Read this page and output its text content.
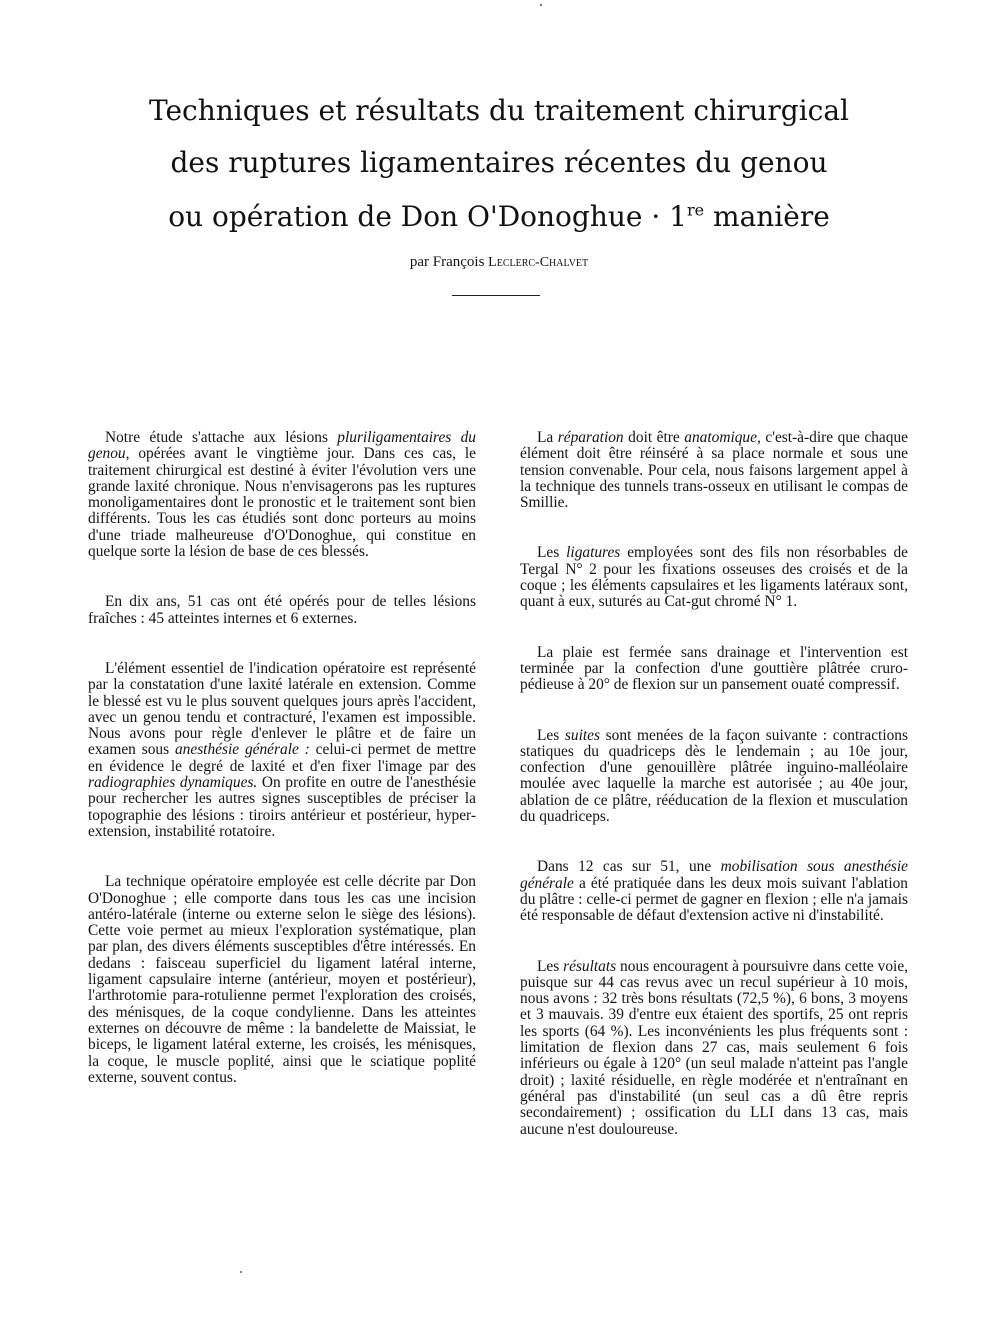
Techniques et résultats du traitement chirurgical
des ruptures ligamentaires récentes du genou
ou opération de Don O'Donoghue · 1re manière
par François Leclerc-Chalvet

Notre étude s'attache aux lésions pluriligamentaires du genou, opérées avant le vingtième jour. Dans ces cas, le traitement chirurgical est destiné à éviter l'évolution vers une grande laxité chronique. Nous n'envisagerons pas les ruptures monoligamentaires dont le pronostic et le traitement sont bien différents. Tous les cas étudiés sont donc porteurs au moins d'une triade malheureuse d'O'Donoghue, qui constitue en quelque sorte la lésion de base de ces blessés.

En dix ans, 51 cas ont été opérés pour de telles lésions fraîches : 45 atteintes internes et 6 externes.

L'élément essentiel de l'indication opératoire est représenté par la constatation d'une laxité latérale en extension. Comme le blessé est vu le plus souvent quelques jours après l'accident, avec un genou tendu et contracturé, l'examen est impossible. Nous avons pour règle d'enlever le plâtre et de faire un examen sous anesthésie générale : celui-ci permet de mettre en évidence le degré de laxité et d'en fixer l'image par des radiographies dynamiques. On profite en outre de l'anesthésie pour rechercher les autres signes susceptibles de préciser la topographie des lésions : tiroirs antérieur et postérieur, hyper-extension, instabilité rotatoire.

La technique opératoire employée est celle décrite par Don O'Donoghue ; elle comporte dans tous les cas une incision antéro-latérale (interne ou externe selon le siège des lésions). Cette voie permet au mieux l'exploration systématique, plan par plan, des divers éléments susceptibles d'être intéressés. En dedans : faisceau superficiel du ligament latéral interne, ligament capsulaire interne (antérieur, moyen et postérieur), l'arthrotomie para-rotulienne permet l'exploration des croisés, des ménisques, de la coque condylienne. Dans les atteintes externes on découvre de même : la bandelette de Maissiat, le biceps, le ligament latéral externe, les croisés, les ménisques, la coque, le muscle poplité, ainsi que le sciatique poplité externe, souvent contus.

La réparation doit être anatomique, c'est-à-dire que chaque élément doit être réinséré à sa place normale et sous une tension convenable. Pour cela, nous faisons largement appel à la technique des tunnels trans-osseux en utilisant le compas de Smillie.

Les ligatures employées sont des fils non résorbables de Tergal N° 2 pour les fixations osseuses des croisés et de la coque ; les éléments capsulaires et les ligaments latéraux sont, quant à eux, suturés au Cat-gut chromé N° 1.

La plaie est fermée sans drainage et l'intervention est terminée par la confection d'une gouttière plâtrée cruro-pédieuse à 20° de flexion sur un pansement ouaté compressif.

Les suites sont menées de la façon suivante : contractions statiques du quadriceps dès le lendemain ; au 10e jour, confection d'une genouillère plâtrée inguino-malléolaire moulée avec laquelle la marche est autorisée ; au 40e jour, ablation de ce plâtre, rééducation de la flexion et musculation du quadriceps.

Dans 12 cas sur 51, une mobilisation sous anesthésie générale a été pratiquée dans les deux mois suivant l'ablation du plâtre : celle-ci permet de gagner en flexion ; elle n'a jamais été responsable de défaut d'extension active ni d'instabilité.

Les résultats nous encouragent à poursuivre dans cette voie, puisque sur 44 cas revus avec un recul supérieur à 10 mois, nous avons : 32 très bons résultats (72,5 %), 6 bons, 3 moyens et 3 mauvais. 39 d'entre eux étaient des sportifs, 25 ont repris les sports (64 %). Les inconvénients les plus fréquents sont : limitation de flexion dans 27 cas, mais seulement 6 fois inférieurs ou égale à 120° (un seul malade n'atteint pas l'angle droit) ; laxité résiduelle, en règle modérée et n'entraînant en général pas d'instabilité (un seul cas a dû être repris secondairement) ; ossification du LLI dans 13 cas, mais aucune n'est douloureuse.
